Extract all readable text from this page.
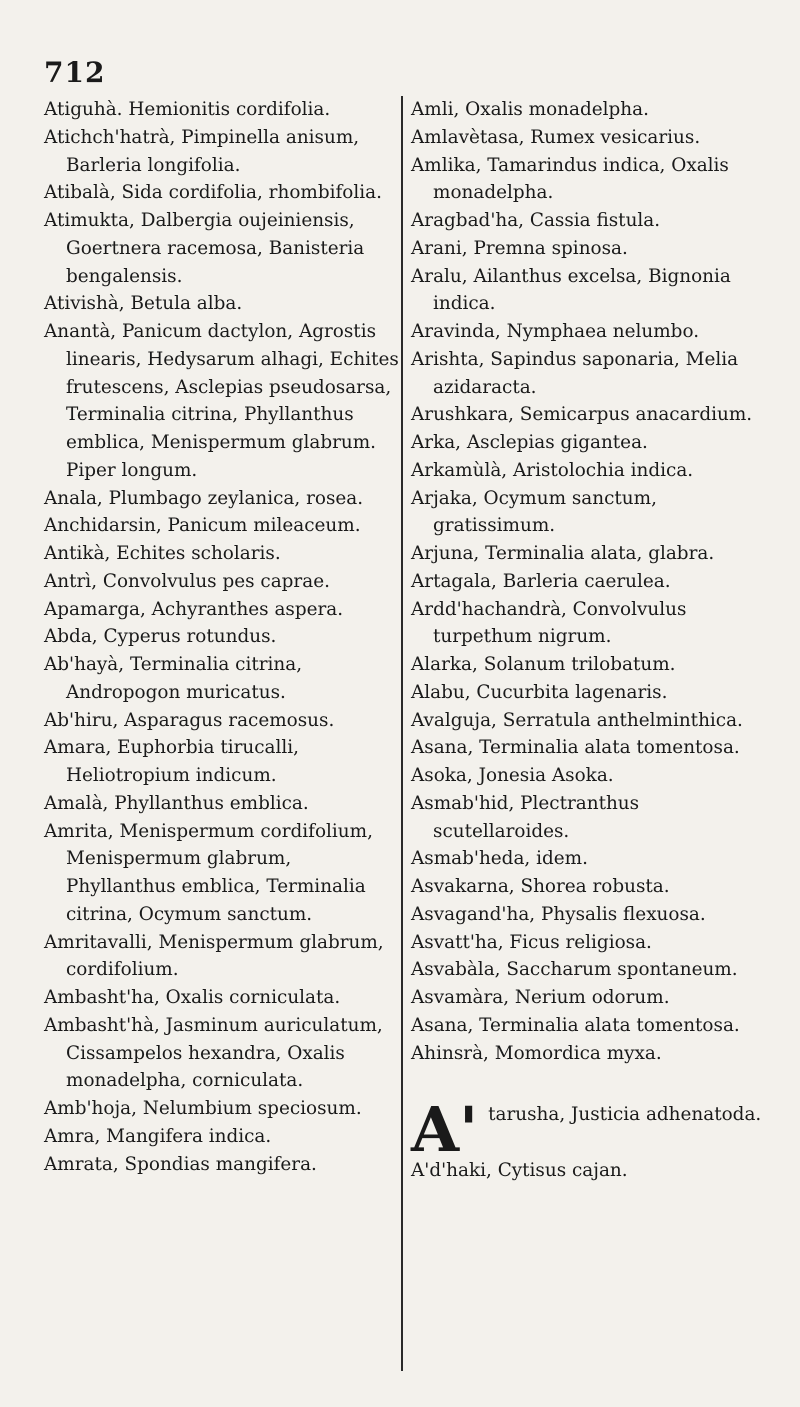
712
Atiguhà. Hemionitis cordifolia.
Atichch'hatrà, Pimpinella anisum, Barleria longifolia.
Atibalà, Sida cordifolia, rhombifolia.
Atimukta, Dalbergia oujeiniensis, Goertnera racemosa, Banisteria bengalensis.
Ativishà, Betula alba.
Anantà, Panicum dactylon, Agrostis linearis, Hedysarum alhagi, Echites frutescens, Asclepias pseudosarsa, Terminalia citrina, Phyllanthus emblica, Menispermum glabrum. Piper longum.
Anala, Plumbago zeylanica, rosea.
Anchidarsin, Panicum mileaceum.
Antikà, Echites scholaris.
Antrì, Convolvulus pes caprae.
Apamarga, Achyranthes aspera.
Abda, Cyperus rotundus.
Ab'hayà, Terminalia citrina, Andropogon muricatus.
Ab'hiru, Asparagus racemosus.
Amara, Euphorbia tirucalli, Heliotropium indicum.
Amalà, Phyllanthus emblica.
Amrita, Menispermum cordifolium, Menispermum glabrum, Phyllanthus emblica, Terminalia citrina, Ocymum sanctum.
Amritavalli, Menispermum glabrum, cordifolium.
Ambasht'ha, Oxalis corniculata.
Ambasht'hà, Jasminum auriculatum, Cissampelos hexandra, Oxalis monadelpha, corniculata.
Amb'hoja, Nelumbium speciosum.
Amra, Mangifera indica.
Amrata, Spondias mangifera.
Amli, Oxalis monadelpha.
Amlavètasa, Rumex vesicarius.
Amlika, Tamarindus indica, Oxalis monadelpha.
Aragbad'ha, Cassia fistula.
Arani, Premna spinosa.
Aralu, Ailanthus excelsa, Bignonia indica.
Aravinda, Nymphaea nelumbo.
Arishta, Sapindus saponaria, Melia azidaracta.
Arushkara, Semicarpus anacardium.
Arka, Asclepias gigantea.
Arkamùlà, Aristolochia indica.
Arjaka, Ocymum sanctum, gratissimum.
Arjuna, Terminalia alata, glabra.
Artagala, Barleria caerulea.
Ardd'hachandrà, Convolvulus turpethum nigrum.
Alarka, Solanum trilobatum.
Alabu, Cucurbita lagenaris.
Avalguja, Serratula anthelminthica.
Asana, Terminalia alata tomentosa.
Asoka, Jonesia Asoka.
Asmab'hid, Plectranthus scutellaroides.
Asmab'heda, idem.
Asvakarna, Shorea robusta.
Asvagand'ha, Physalis flexuosa.
Asvatt'ha, Ficus religiosa.
Asvabàla, Saccharum spontaneum.
Asvamàra, Nerium odorum.
Asana, Terminalia alata tomentosa.
Ahinsrà, Momordica myxa.
A' tarusha, Justicia adhenatoda.
A'd'haki, Cytisus cajan.
